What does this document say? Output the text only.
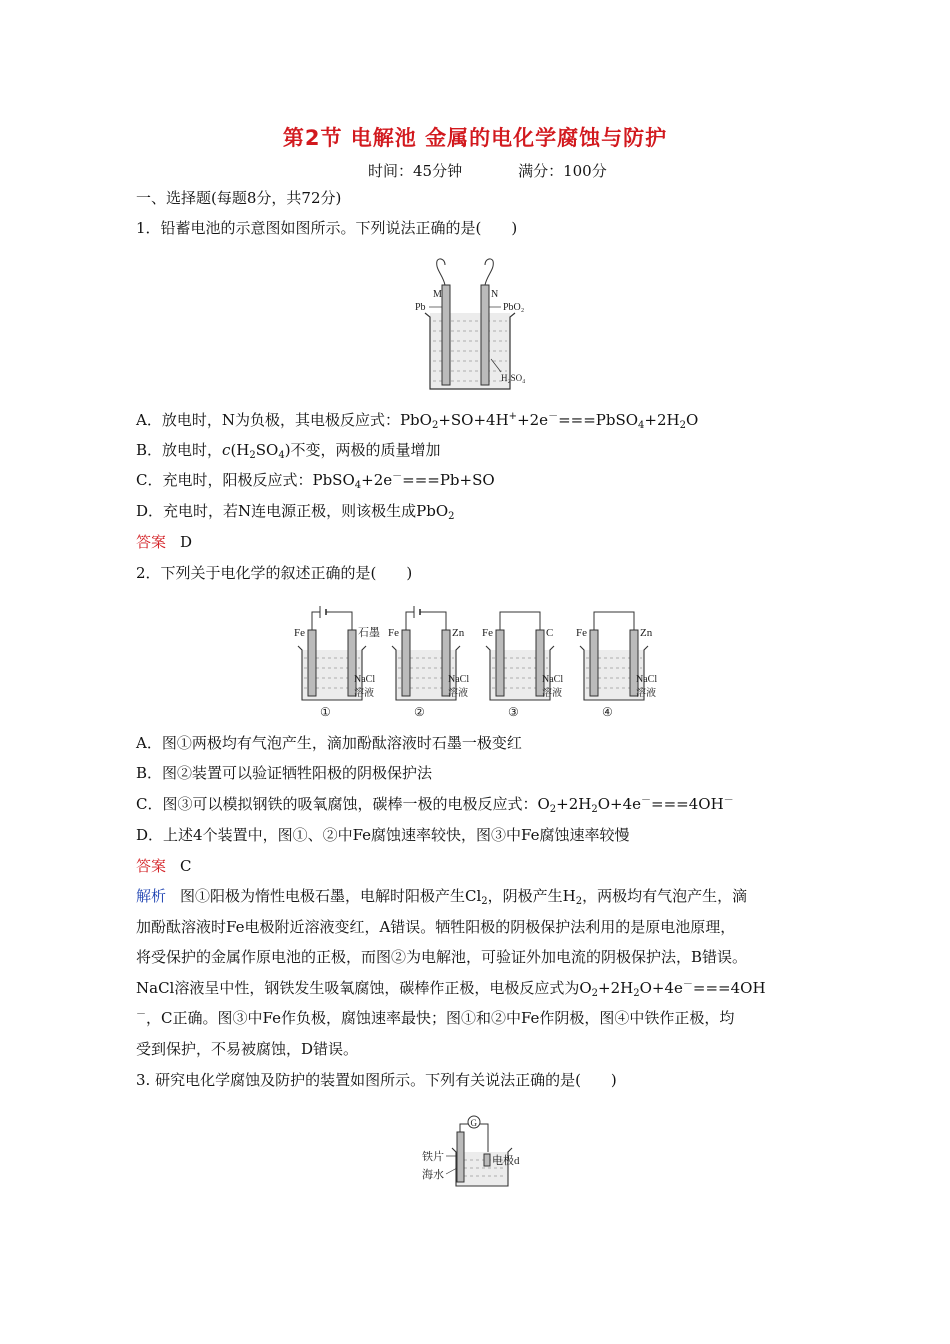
第2节 电解池 金属的电化学腐蚀与防护
时间：45分钟	满分：100分
一、选择题(每题8分，共72分)
1．铅蓄电池的示意图如图所示。下列说法正确的是(　　)
M	N
Pb	PbO₂
H₂SO₄
A．放电时，N为负极，其电极反应式：$PbO_2+SO+4H^++2e^-===PbSO_4+2H_2O$
B．放电时，$c(H_2SO_4)$不变，两极的质量增加
C．充电时，阳极反应式：PbSO$_4$+2e－===Pb+SO
D．充电时，若N连电源正极，则该极生成PbO$_2$
答案 D
2．下列关于电化学的叙述正确的是(　　)
Fe	石墨
NaCl
溶液
①
Fe	Zn
NaCl
溶液
②
Fe	C
NaCl
溶液
③
Fe	Zn
NaCl
溶液
④
A．图①两极均有气泡产生，滴加酚酞溶液时石墨一极变红
B．图②装置可以验证牺牲阳极的阴极保护法
C．图③可以模拟钢铁的吸氧腐蚀，碳棒一极的电极反应式：$O_2+2H_2O+4e^-===4OH^-$
D．上述4个装置中，图①、②中Fe腐蚀速率较快，图③中Fe腐蚀速率较慢
答案 C
解析 图①阳极为惰性电极石墨，电解时阳极产生$Cl_2$，阴极产生$H_2$，两极均有气泡产生，滴
加酚酞溶液时Fe电极附近溶液变红，A错误。牺牲阳极的阴极保护法利用的是原电池原理，
将受保护的金属作原电池的正极，而图②为电解池，可验证外加电流的阴极保护法，B错误。
NaCl溶液呈中性，钢铁发生吸氧腐蚀，碳棒作正极，电极反应式为$O_2+2H_2O+4e^-===4OH$
－，C正确。图③中Fe作负极，腐蚀速率最快；图①和②中Fe作阴极，图④中铁作正极，均
受到保护，不易被腐蚀，D错误。
3. 研究电化学腐蚀及防护的装置如图所示。下列有关说法正确的是(　　)
G
铁片
海水
电极d
